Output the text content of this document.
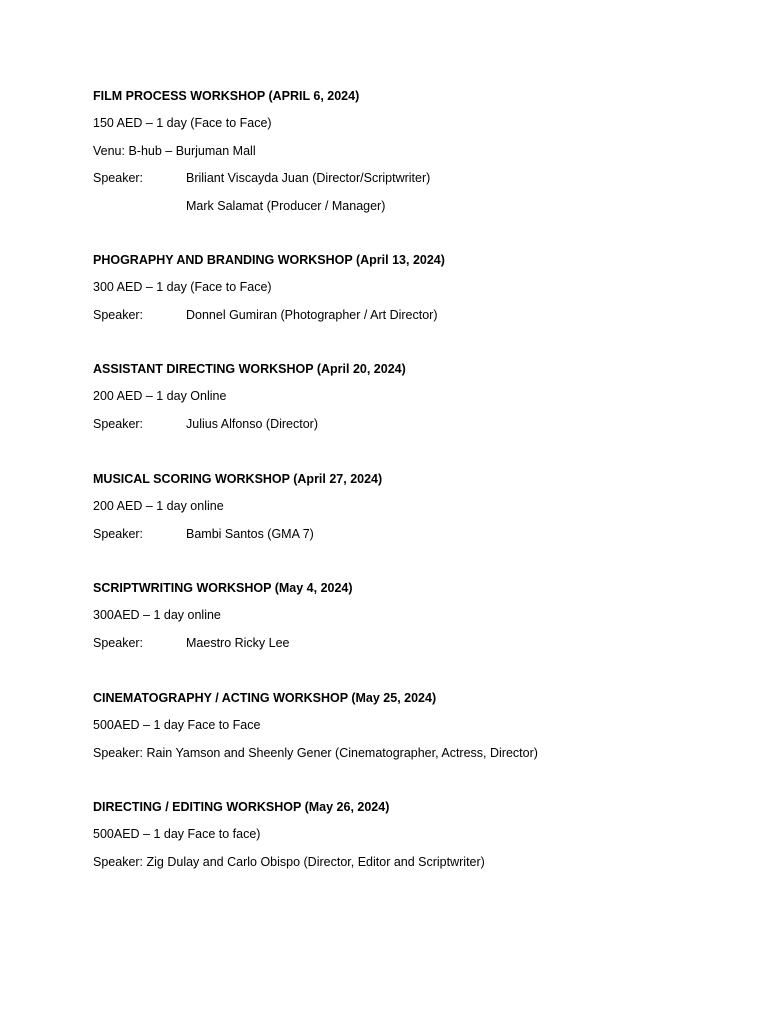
FILM PROCESS WORKSHOP (APRIL 6, 2024)
150 AED – 1 day (Face to Face)
Venu: B-hub – Burjuman Mall
Speaker:	Briliant Viscayda Juan (Director/Scriptwriter)
Mark Salamat (Producer / Manager)
PHOGRAPHY AND BRANDING WORKSHOP (April 13, 2024)
300 AED – 1 day (Face to Face)
Speaker:	Donnel Gumiran (Photographer / Art Director)
ASSISTANT DIRECTING WORKSHOP (April 20, 2024)
200 AED – 1 day Online
Speaker:	Julius Alfonso (Director)
MUSICAL SCORING WORKSHOP (April 27, 2024)
200 AED – 1 day online
Speaker:	Bambi Santos (GMA 7)
SCRIPTWRITING WORKSHOP (May 4, 2024)
300AED – 1 day online
Speaker:	Maestro Ricky Lee
CINEMATOGRAPHY / ACTING WORKSHOP (May 25, 2024)
500AED – 1 day Face to Face
Speaker: Rain Yamson and Sheenly Gener (Cinematographer, Actress, Director)
DIRECTING / EDITING WORKSHOP (May 26, 2024)
500AED – 1 day Face to face)
Speaker: Zig Dulay and Carlo Obispo (Director, Editor and Scriptwriter)
